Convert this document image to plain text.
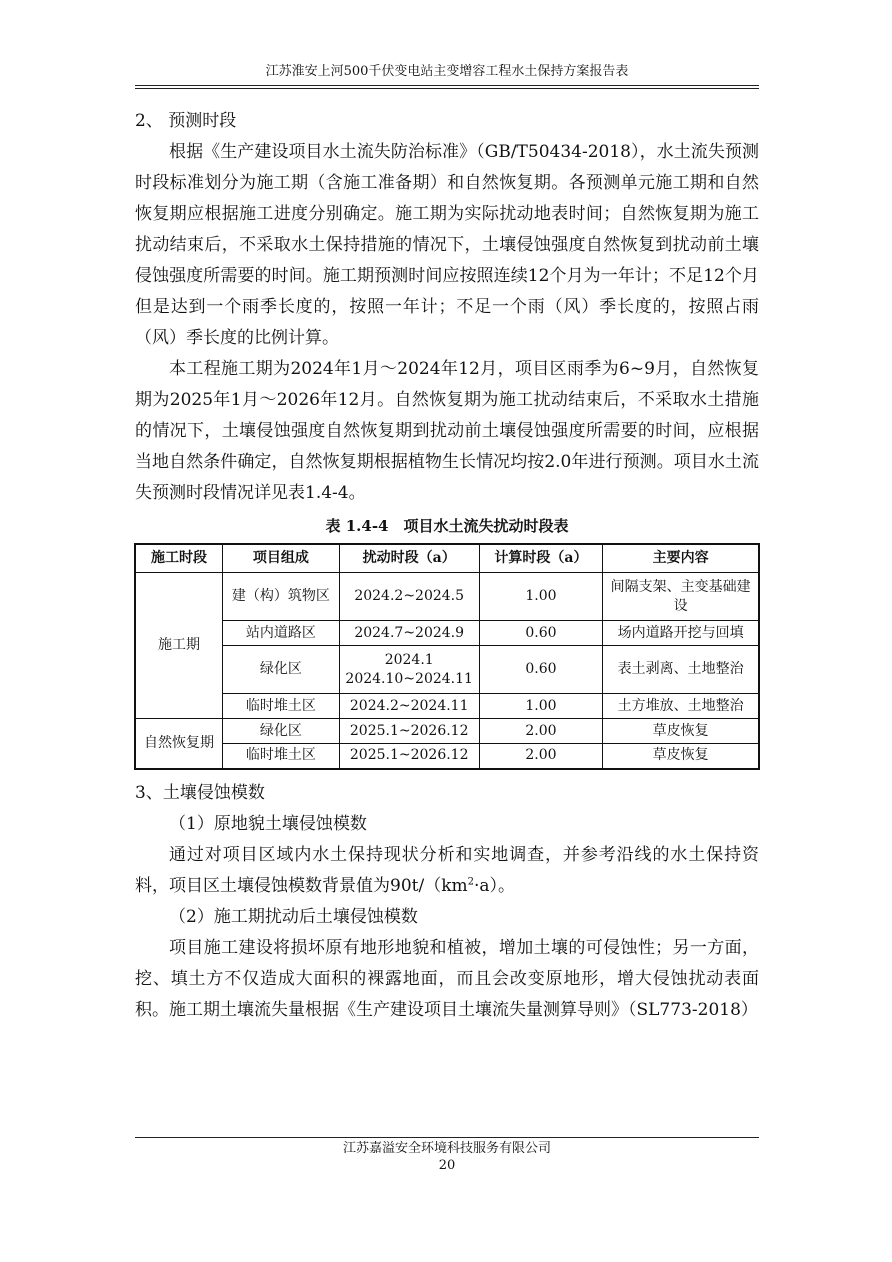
江苏淮安上河500千伏变电站主变增容工程水土保持方案报告表

2、 预测时段

根据《生产建设项目水土流失防治标准》（GB/T50434-2018），水土流失预测时段标准划分为施工期（含施工准备期）和自然恢复期。各预测单元施工期和自然恢复期应根据施工进度分别确定。施工期为实际扰动地表时间；自然恢复期为施工扰动结束后，不采取水土保持措施的情况下，土壤侵蚀强度自然恢复到扰动前土壤侵蚀强度所需要的时间。施工期预测时间应按照连续12个月为一年计；不足12个月但是达到一个雨季长度的，按照一年计；不足一个雨（风）季长度的，按照占雨（风）季长度的比例计算。

本工程施工期为2024年1月～2024年12月，项目区雨季为6~9月，自然恢复期为2025年1月～2026年12月。自然恢复期为施工扰动结束后，不采取水土措施的情况下，土壤侵蚀强度自然恢复期到扰动前土壤侵蚀强度所需要的时间，应根据当地自然条件确定，自然恢复期根据植物生长情况均按2.0年进行预测。项目水土流失预测时段情况详见表1.4-4。

表 1.4-4　项目水土流失扰动时段表
施工时段	项目组成	扰动时段（a）	计算时段（a）	主要内容
施工期	建（构）筑物区	2024.2~2024.5	1.00	间隔支架、主变基础建设
	站内道路区	2024.7~2024.9	0.60	场内道路开挖与回填
	绿化区	2024.1
2024.10~2024.11	0.60	表土剥离、土地整治
	临时堆土区	2024.2~2024.11	1.00	土方堆放、土地整治
自然恢复期	绿化区	2025.1~2026.12	2.00	草皮恢复
	临时堆土区	2025.1~2026.12	2.00	草皮恢复

3、土壤侵蚀模数

（1）原地貌土壤侵蚀模数

通过对项目区域内水土保持现状分析和实地调查，并参考沿线的水土保持资料，项目区土壤侵蚀模数背景值为$90t/(km^2\cdot a)$。

（2）施工期扰动后土壤侵蚀模数

项目施工建设将损坏原有地形地貌和植被，增加土壤的可侵蚀性；另一方面，挖、填土方不仅造成大面积的裸露地面，而且会改变原地形，增大侵蚀扰动表面积。施工期土壤流失量根据《生产建设项目土壤流失量测算导则》（SL773-2018）

江苏嘉溢安全环境科技服务有限公司
20
